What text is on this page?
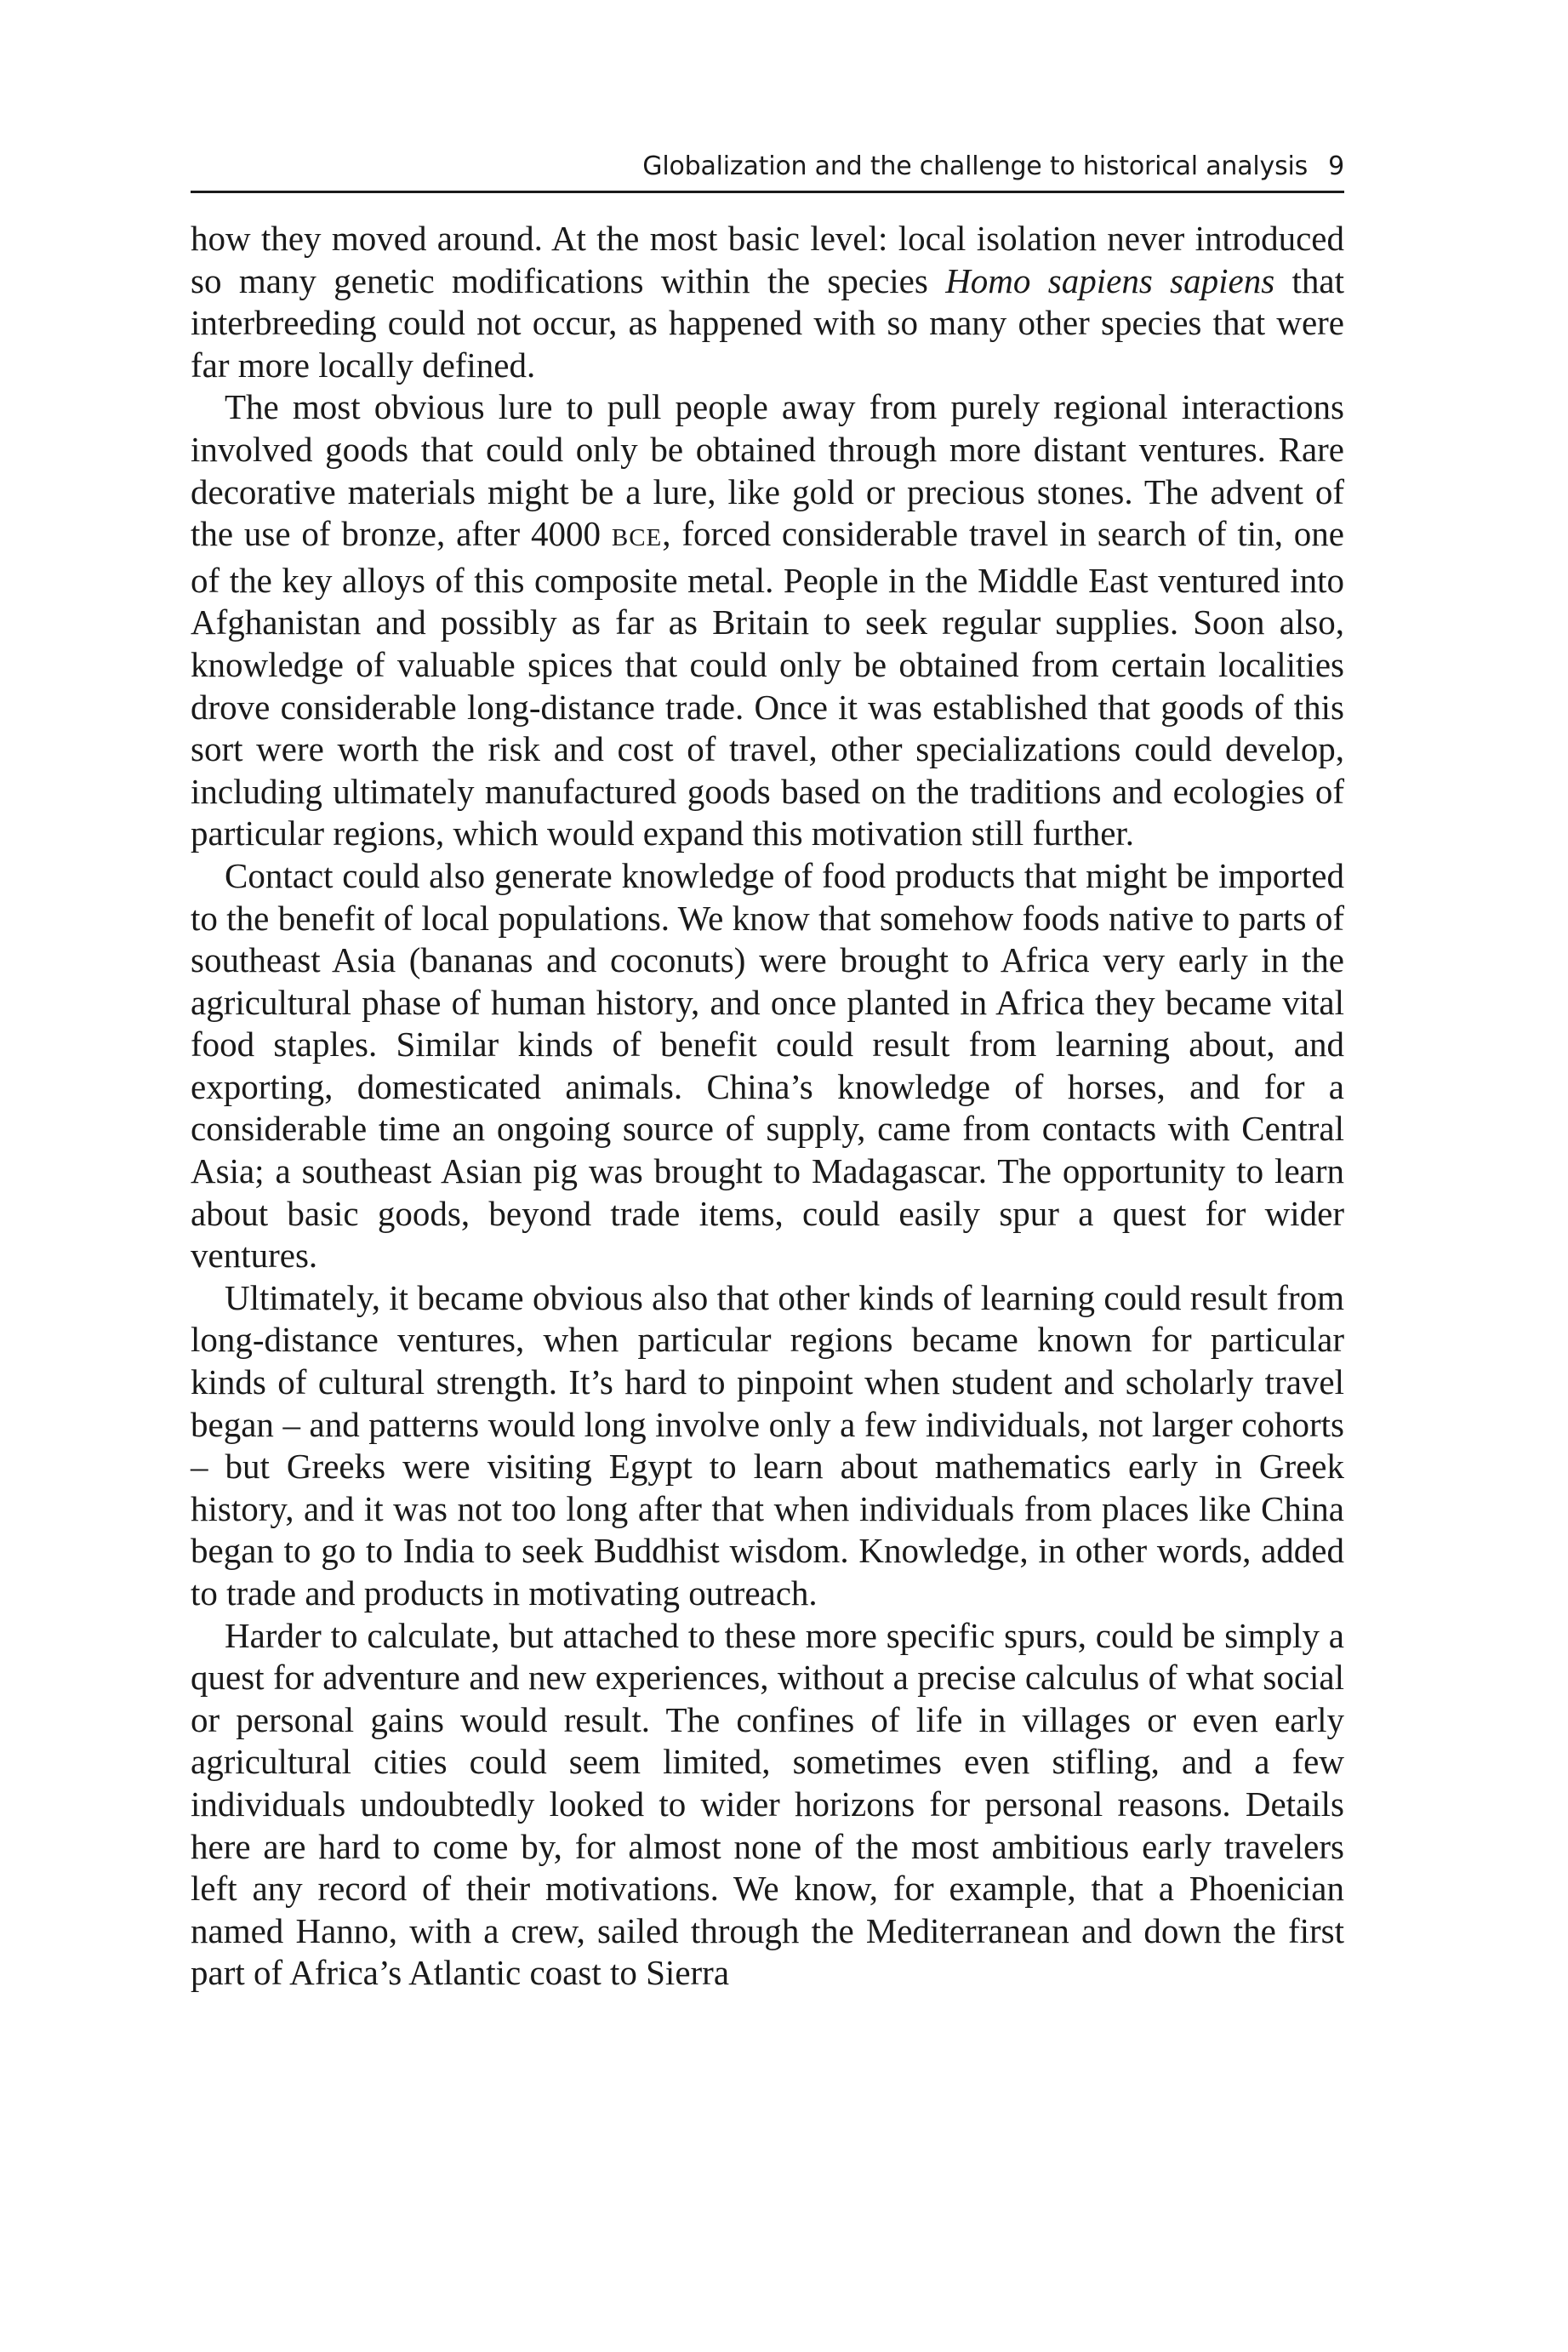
Globalization and the challenge to historical analysis 9

how they moved around. At the most basic level: local isolation never introduced so many genetic modifications within the species Homo sapiens sapiens that interbreeding could not occur, as happened with so many other species that were far more locally defined.

The most obvious lure to pull people away from purely regional interactions involved goods that could only be obtained through more distant ventures. Rare decorative materials might be a lure, like gold or precious stones. The advent of the use of bronze, after 4000 BCE, forced considerable travel in search of tin, one of the key alloys of this composite metal. People in the Middle East ventured into Afghanistan and possibly as far as Britain to seek regular supplies. Soon also, knowledge of valuable spices that could only be obtained from certain localities drove considerable long-distance trade. Once it was established that goods of this sort were worth the risk and cost of travel, other specializations could develop, including ultimately manufactured goods based on the traditions and ecologies of particular regions, which would expand this motivation still further.

Contact could also generate knowledge of food products that might be imported to the benefit of local populations. We know that somehow foods native to parts of southeast Asia (bananas and coconuts) were brought to Africa very early in the agricultural phase of human history, and once planted in Africa they became vital food staples. Similar kinds of benefit could result from learning about, and exporting, domesticated animals. China’s knowledge of horses, and for a considerable time an ongoing source of supply, came from contacts with Central Asia; a southeast Asian pig was brought to Madagascar. The opportunity to learn about basic goods, beyond trade items, could easily spur a quest for wider ventures.

Ultimately, it became obvious also that other kinds of learning could result from long-distance ventures, when particular regions became known for particular kinds of cultural strength. It’s hard to pinpoint when student and scholarly travel began – and patterns would long involve only a few individuals, not larger cohorts – but Greeks were visiting Egypt to learn about mathematics early in Greek history, and it was not too long after that when individuals from places like China began to go to India to seek Buddhist wisdom. Knowledge, in other words, added to trade and products in motivating outreach.

Harder to calculate, but attached to these more specific spurs, could be simply a quest for adventure and new experiences, without a precise calculus of what social or personal gains would result. The confines of life in villages or even early agricultural cities could seem limited, sometimes even stifling, and a few individuals undoubtedly looked to wider horizons for personal reasons. Details here are hard to come by, for almost none of the most ambitious early travelers left any record of their motivations. We know, for example, that a Phoenician named Hanno, with a crew, sailed through the Mediterranean and down the first part of Africa’s Atlantic coast to Sierra
